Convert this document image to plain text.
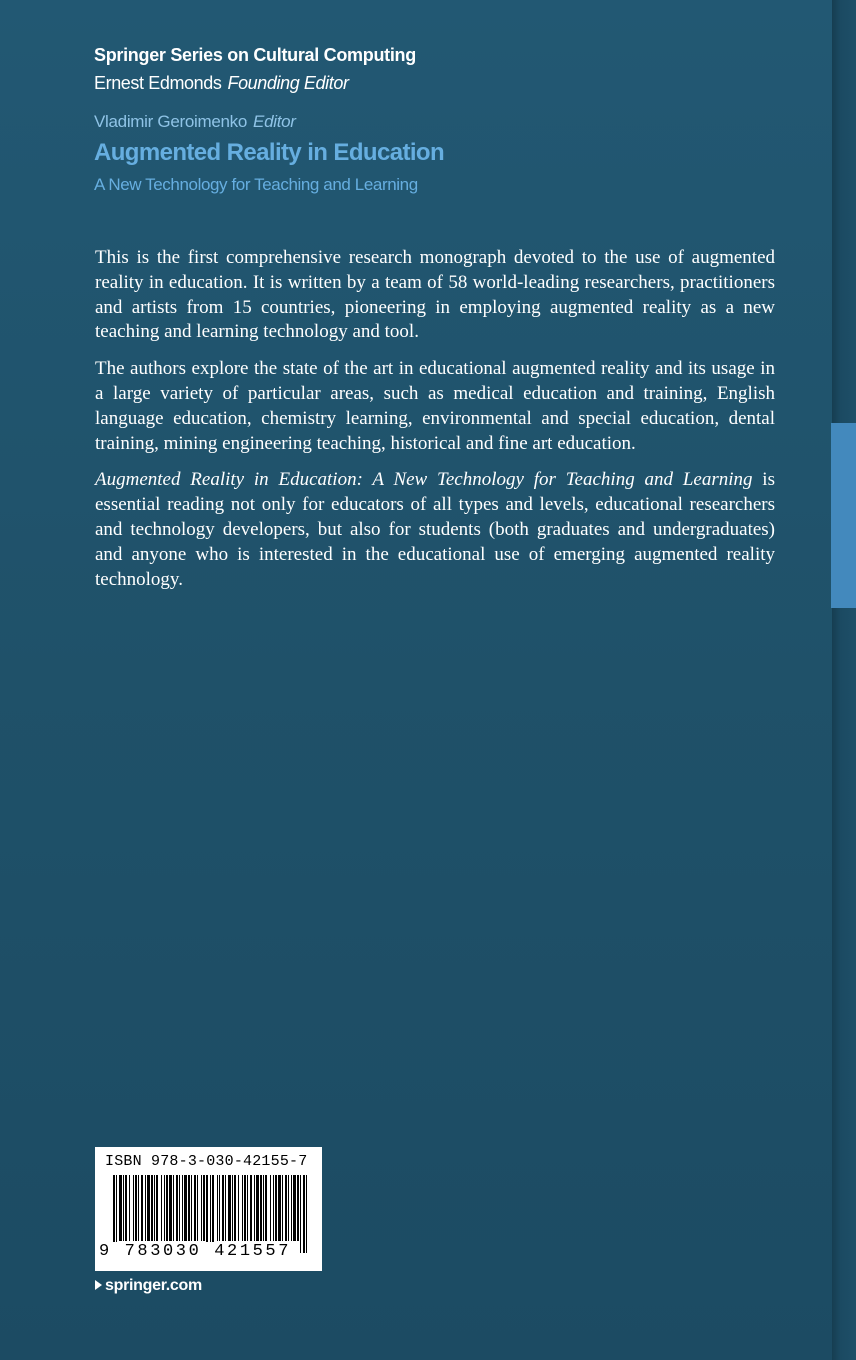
Springer Series on Cultural Computing
Ernest Edmonds Founding Editor
Vladimir Geroimenko Editor
Augmented Reality in Education
A New Technology for Teaching and Learning

This is the first comprehensive research monograph devoted to the use of augmented reality in education. It is written by a team of 58 world-leading researchers, practitioners and artists from 15 countries, pioneering in employing augmented reality as a new teaching and learning technology and tool.

The authors explore the state of the art in educational augmented reality and its usage in a large variety of particular areas, such as medical education and training, English language education, chemistry learning, environmental and special education, dental training, mining engineering teaching, historical and fine art education.

Augmented Reality in Education: A New Technology for Teaching and Learning is essential reading not only for educators of all types and levels, educational researchers and technology developers, but also for students (both graduates and undergraduates) and anyone who is interested in the educational use of emerging augmented reality technology.

ISBN 978-3-030-42155-7
9 783030 421557
springer.com
